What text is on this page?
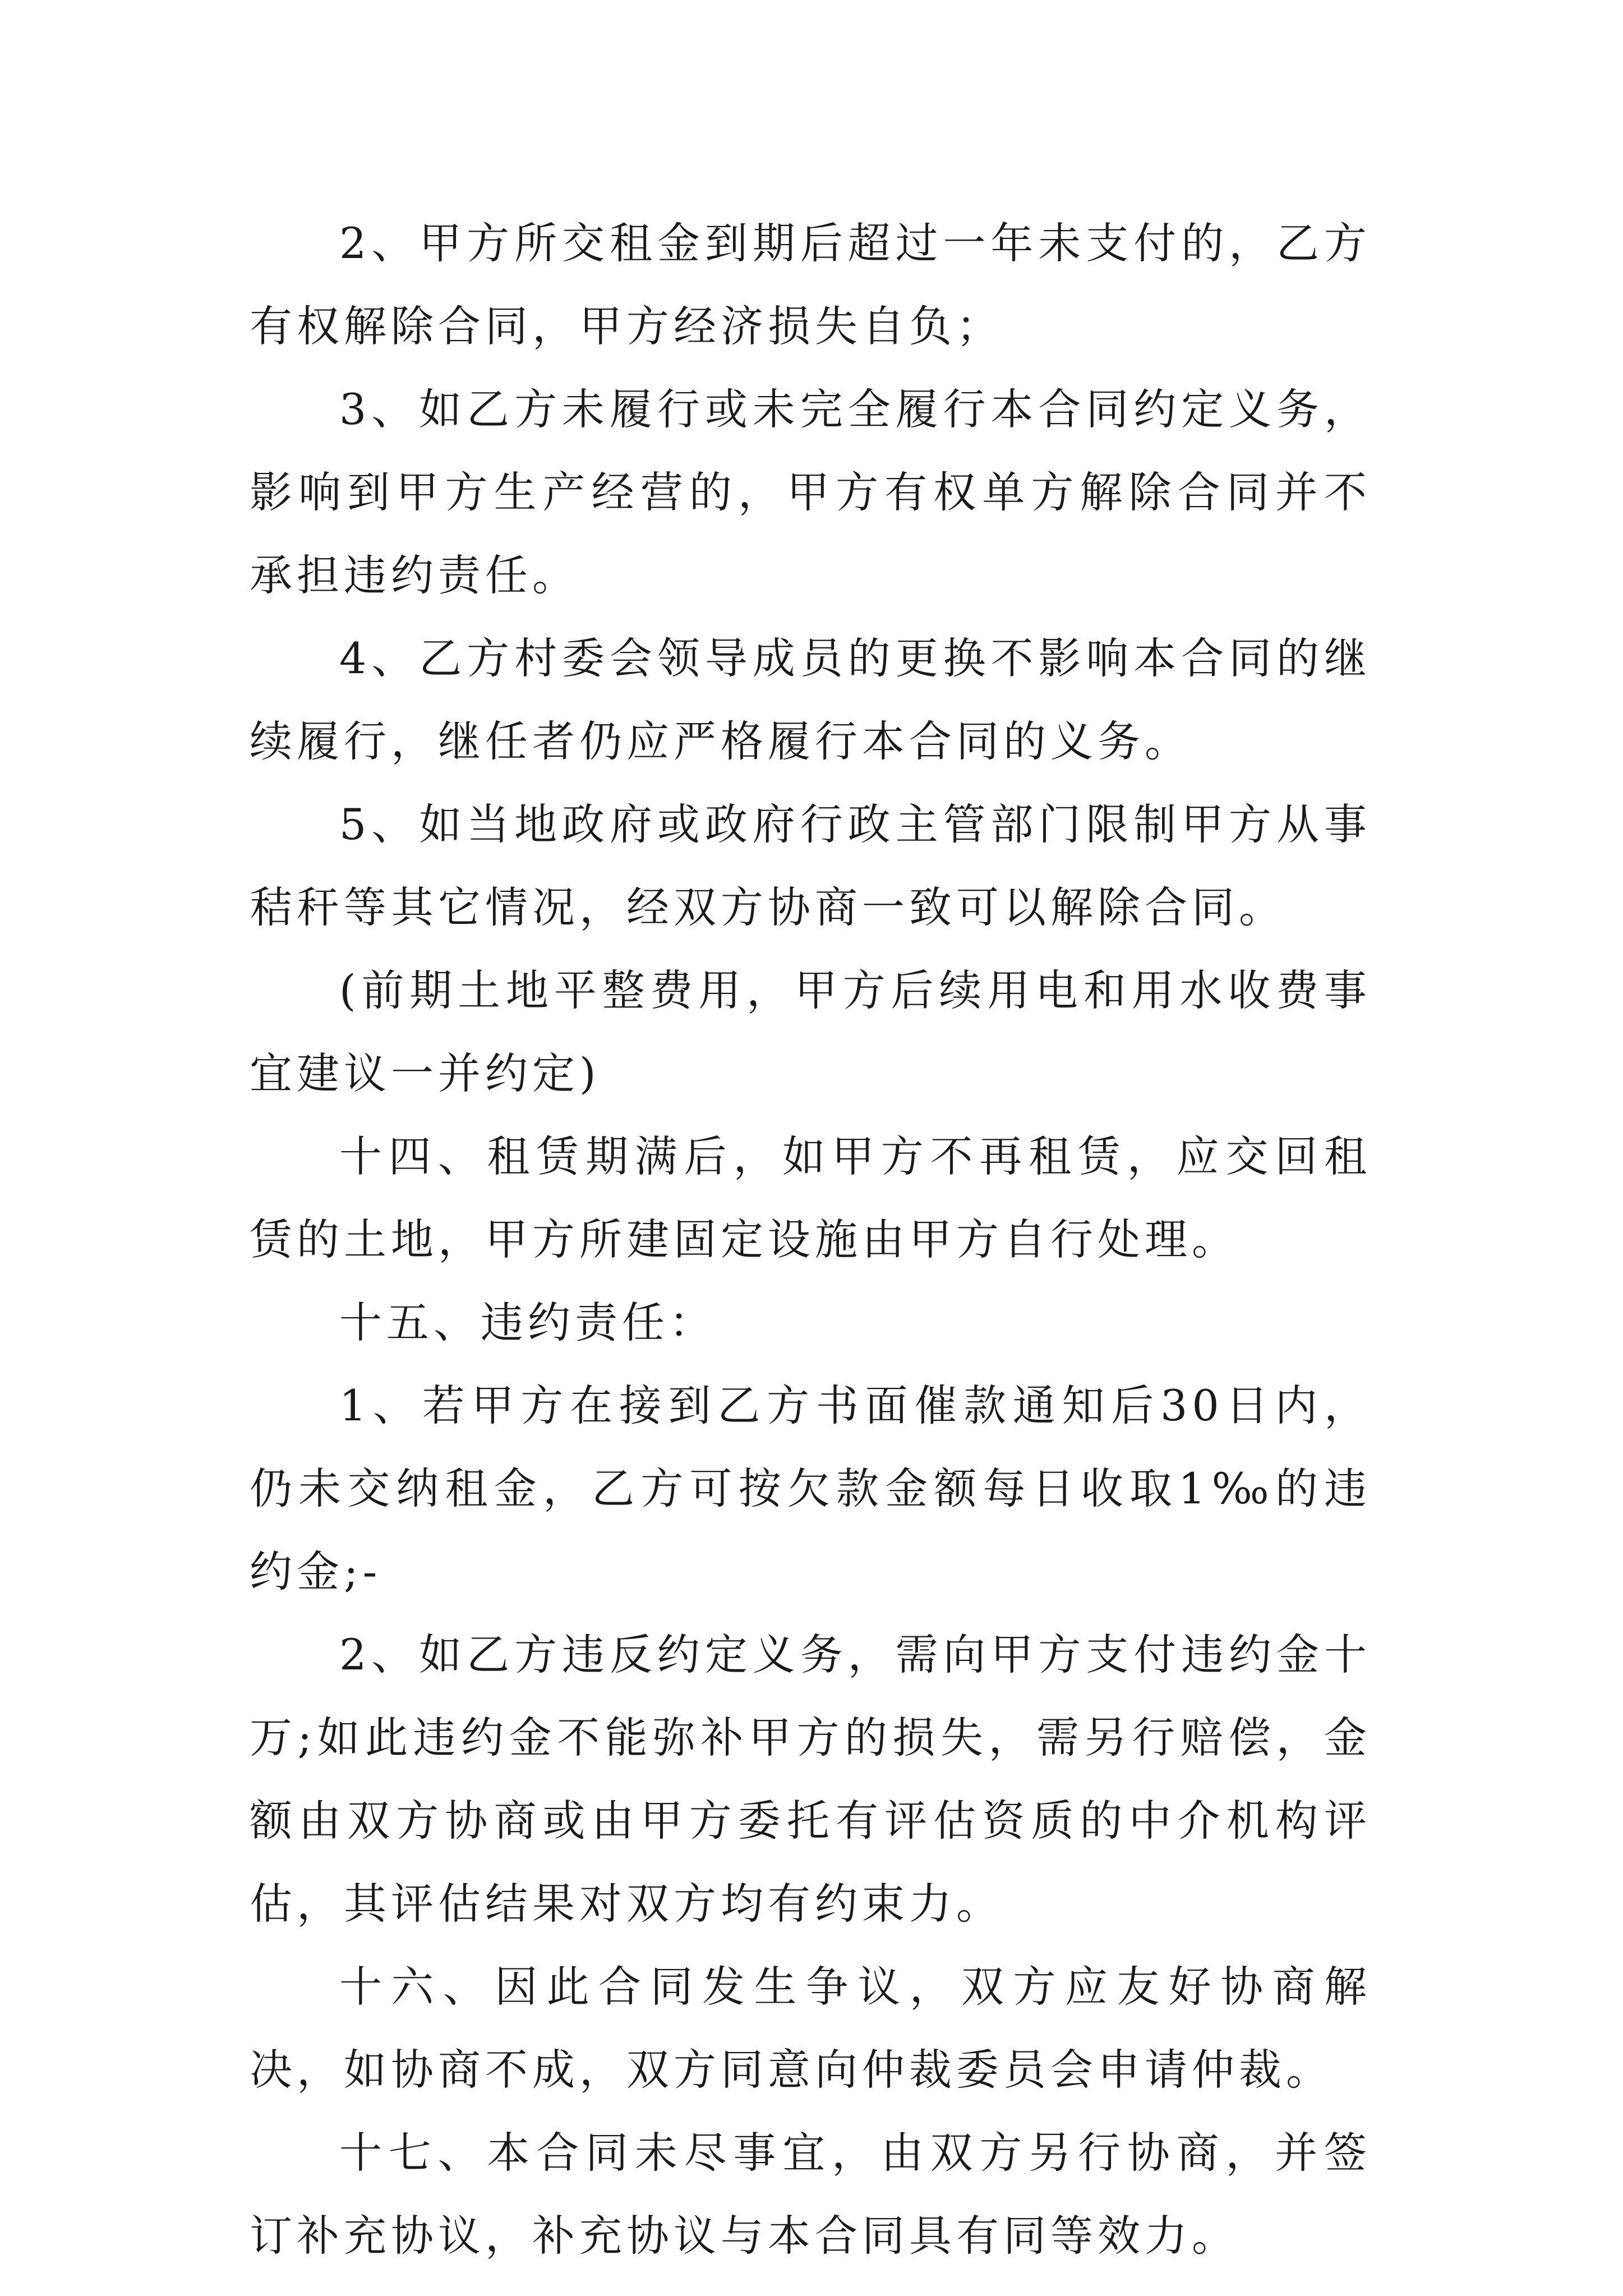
2、甲方所交租金到期后超过一年未支付的，乙方有权解除合同，甲方经济损失自负；

3、如乙方未履行或未完全履行本合同约定义务，影响到甲方生产经营的，甲方有权单方解除合同并不承担违约责任。

4、乙方村委会领导成员的更换不影响本合同的继续履行，继任者仍应严格履行本合同的义务。

5、如当地政府或政府行政主管部门限制甲方从事秸秆等其它情况，经双方协商一致可以解除合同。

(前期土地平整费用，甲方后续用电和用水收费事宜建议一并约定)

十四、租赁期满后，如甲方不再租赁，应交回租赁的土地，甲方所建固定设施由甲方自行处理。

十五、违约责任：

1、若甲方在接到乙方书面催款通知后30日内，仍未交纳租金，乙方可按欠款金额每日收取1‰的违约金;-

2、如乙方违反约定义务，需向甲方支付违约金十万;如此违约金不能弥补甲方的损失，需另行赔偿，金额由双方协商或由甲方委托有评估资质的中介机构评估，其评估结果对双方均有约束力。

十六、因此合同发生争议，双方应友好协商解决，如协商不成，双方同意向仲裁委员会申请仲裁。

十七、本合同未尽事宜，由双方另行协商，并签订补充协议，补充协议与本合同具有同等效力。
